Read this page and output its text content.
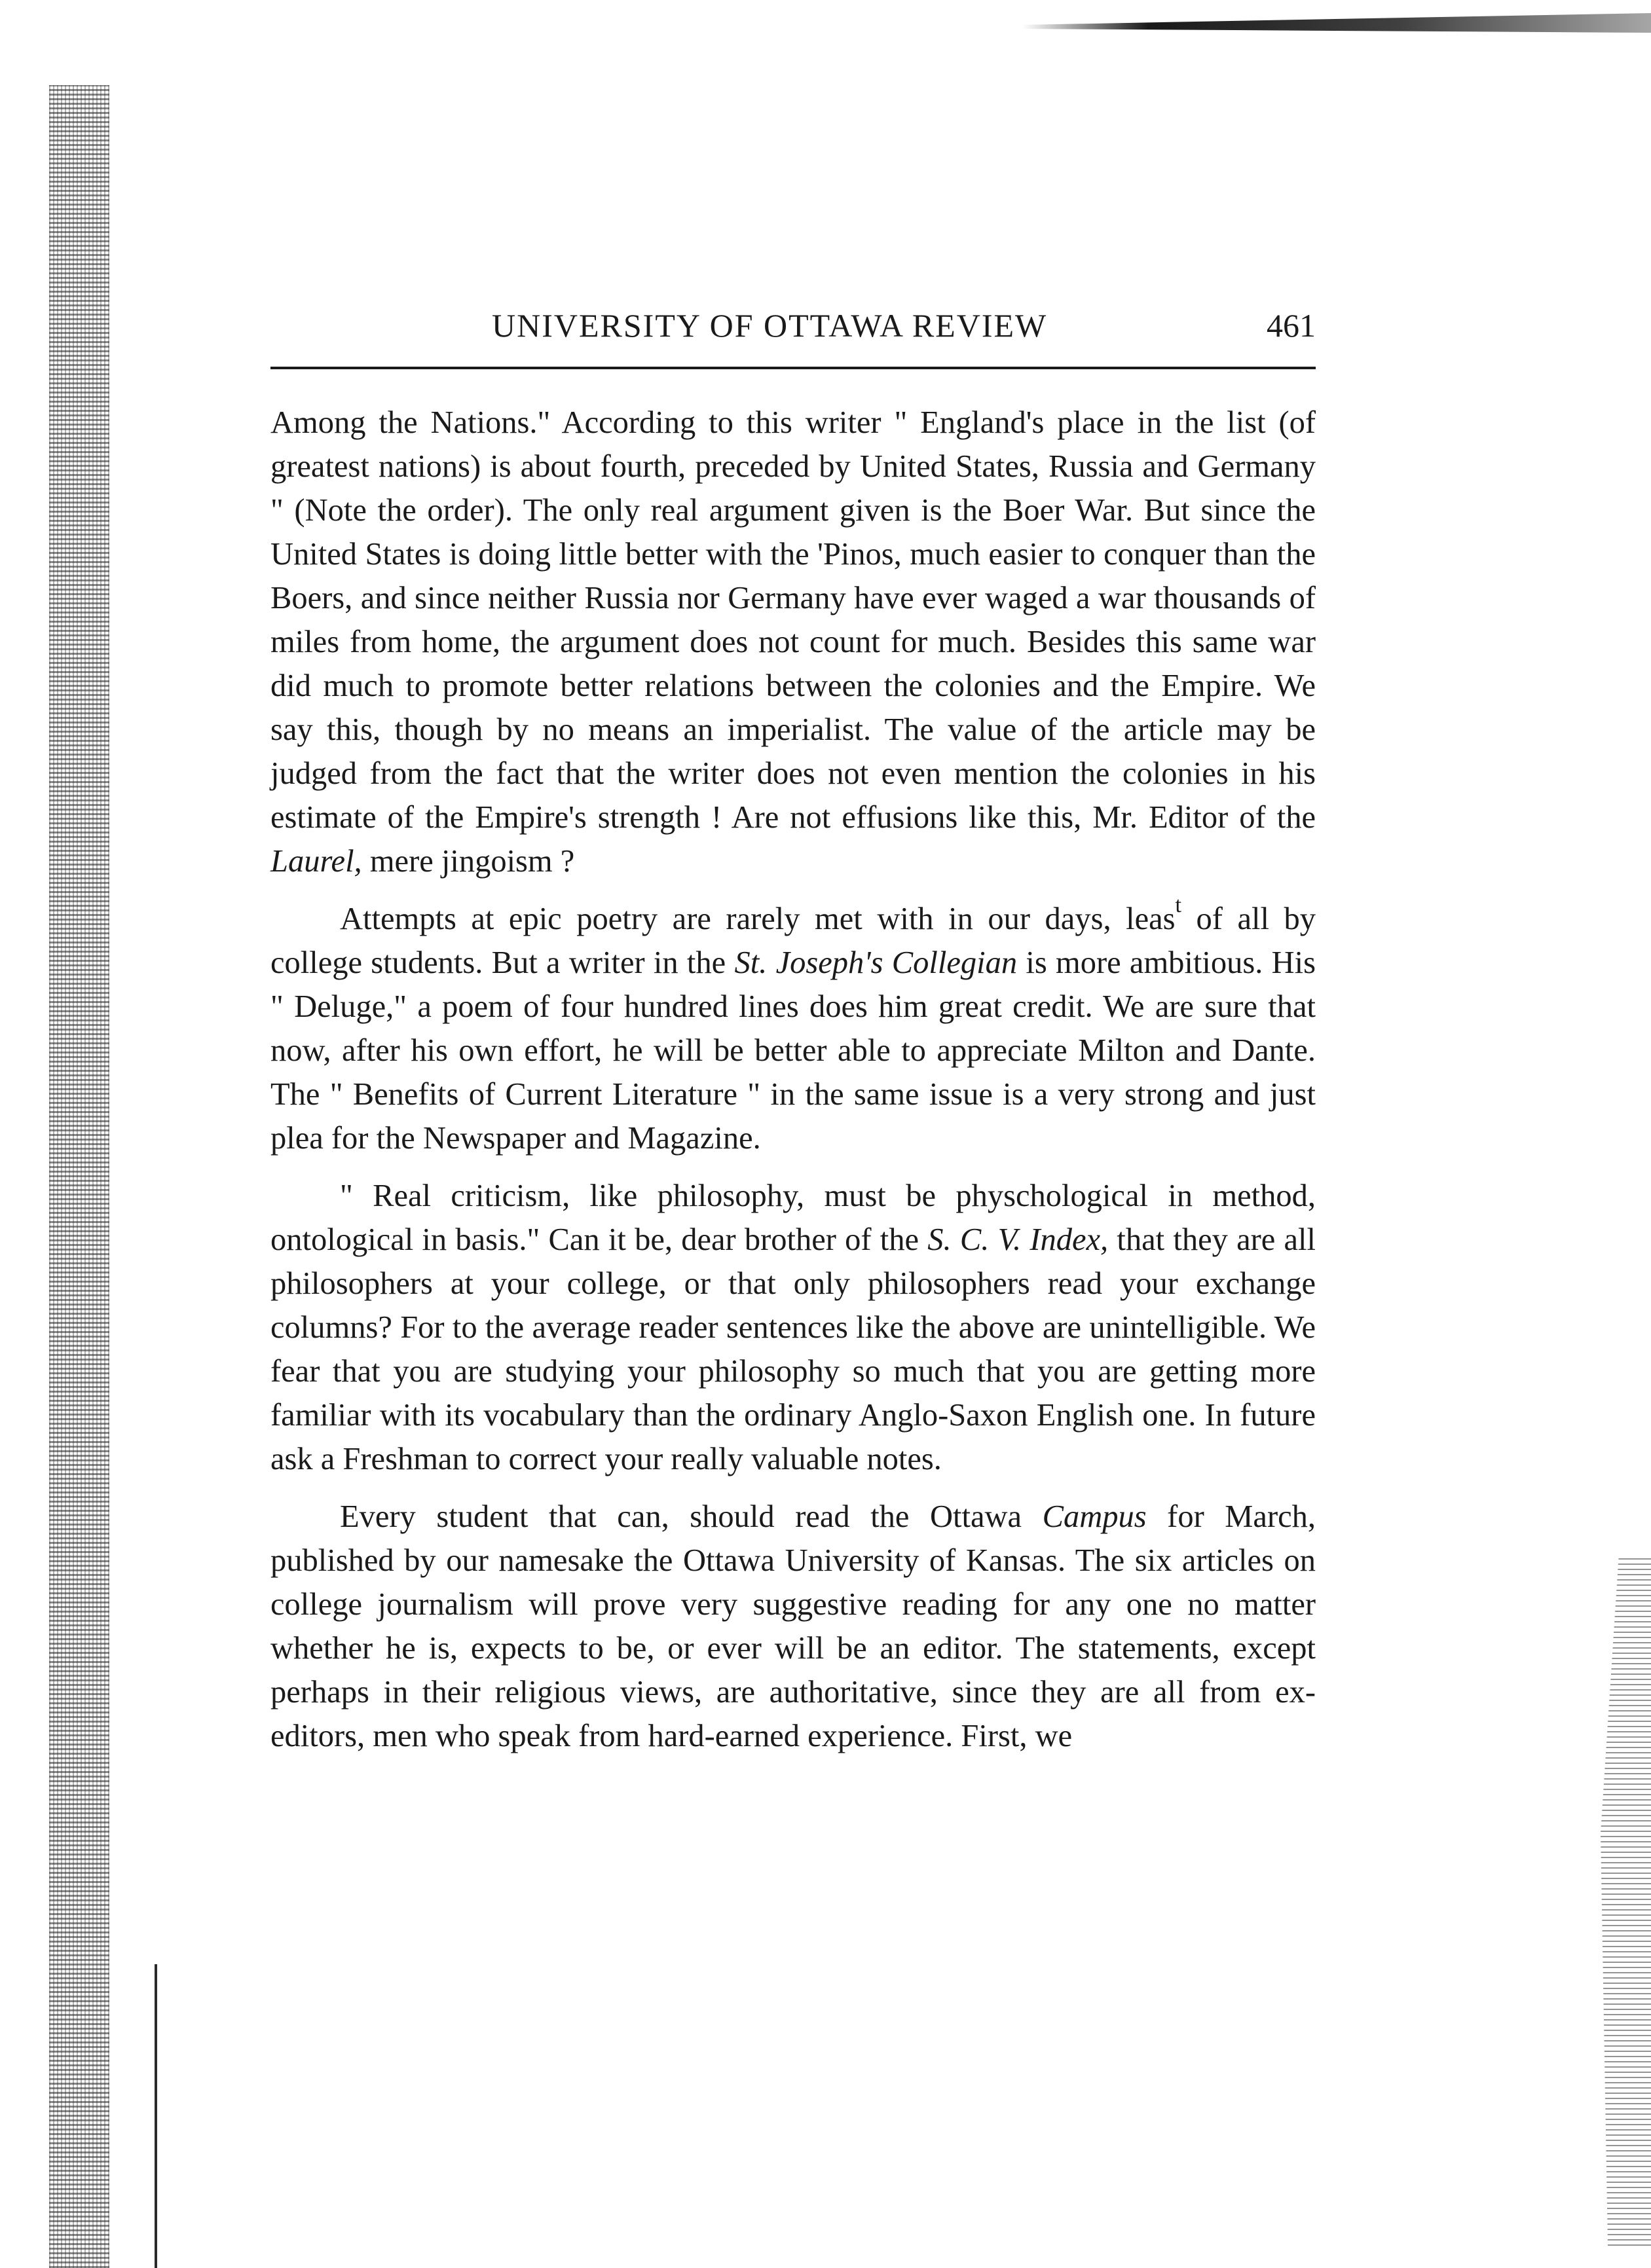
UNIVERSITY OF OTTAWA REVIEW	461

Among the Nations." According to this writer " England's place in the list (of greatest nations) is about fourth, preceded by United States, Russia and Germany " (Note the order). The only real argument given is the Boer War. But since the United States is doing little better with the 'Pinos, much easier to conquer than the Boers, and since neither Russia nor Germany have ever waged a war thousands of miles from home, the argument does not count for much. Besides this same war did much to promote better relations between the colonies and the Empire. We say this, though by no means an imperialist. The value of the article may be judged from the fact that the writer does not even mention the colonies in his estimate of the Empire's strength ! Are not effusions like this, Mr. Editor of the Laurel, mere jingoism ?

Attempts at epic poetry are rarely met with in our days, leas$^t$ of all by college students. But a writer in the St. Joseph's Collegian is more ambitious. His " Deluge," a poem of four hundred lines does him great credit. We are sure that now, after his own effort, he will be better able to appreciate Milton and Dante. The " Benefits of Current Literature " in the same issue is a very strong and just plea for the Newspaper and Magazine.

" Real criticism, like philosophy, must be physchological in method, ontological in basis." Can it be, dear brother of the S. C. V. Index, that they are all philosophers at your college, or that only philosophers read your exchange columns? For to the average reader sentences like the above are unintelligible. We fear that you are studying your philosophy so much that you are getting more familiar with its vocabulary than the ordinary Anglo-Saxon English one. In future ask a Freshman to correct your really valuable notes.

Every student that can, should read the Ottawa Campus for March, published by our namesake the Ottawa University of Kansas. The six articles on college journalism will prove very suggestive reading for any one no matter whether he is, expects to be, or ever will be an editor. The statements, except perhaps in their religious views, are authoritative, since they are all from ex-editors, men who speak from hard-earned experience. First, we
